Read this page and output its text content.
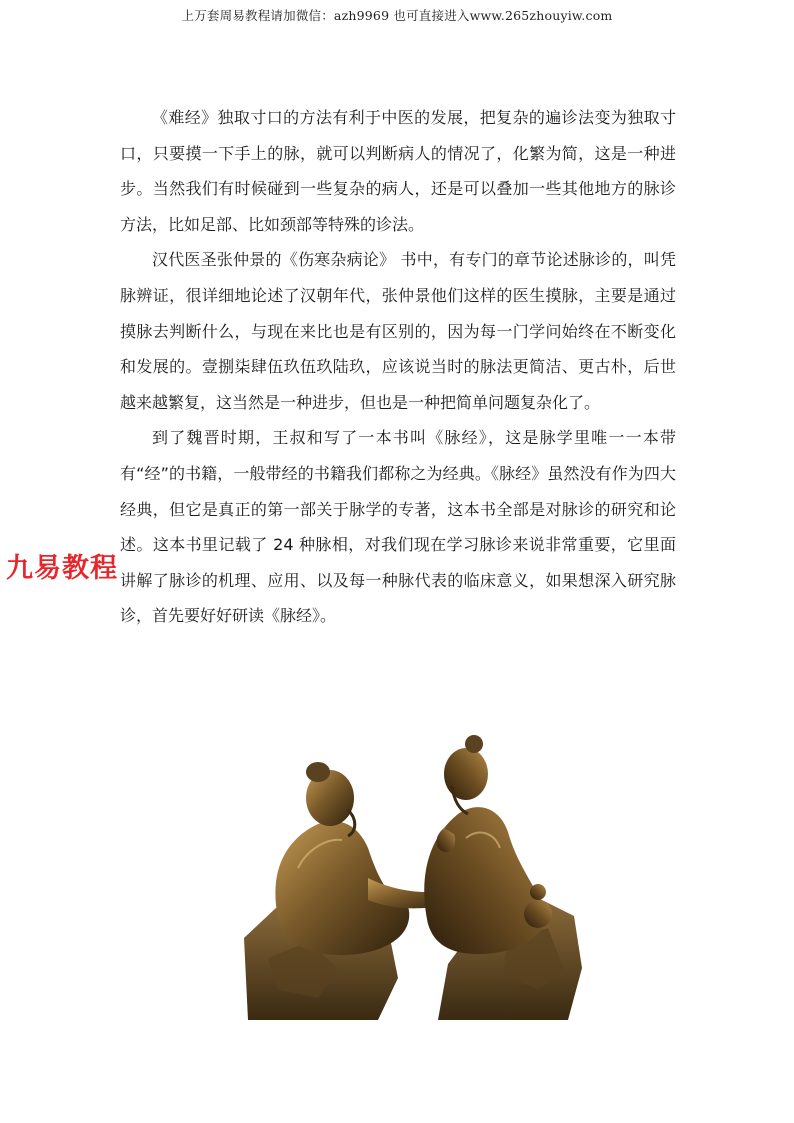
上万套周易教程请加微信：azh9969 也可直接进入www.265zhouyiw.com

《难经》独取寸口的方法有利于中医的发展，把复杂的遍诊法变为独取寸口，只要摸一下手上的脉，就可以判断病人的情况了，化繁为简，这是一种进步。当然我们有时候碰到一些复杂的病人，还是可以叠加一些其他地方的脉诊方法，比如足部、比如颈部等特殊的诊法。

汉代医圣张仲景的《伤寒杂病论》 书中，有专门的章节论述脉诊的，叫凭脉辨证，很详细地论述了汉朝年代，张仲景他们这样的医生摸脉，主要是通过摸脉去判断什么，与现在来比也是有区别的，因为每一门学问始终在不断变化和发展的。壹捌柒肆伍玖伍玖陆玖，应该说当时的脉法更简洁、更古朴，后世越来越繁复，这当然是一种进步，但也是一种把简单问题复杂化了。

到了魏晋时期，王叔和写了一本书叫《脉经》，这是脉学里唯一一本带有“经”的书籍，一般带经的书籍我们都称之为经典。《脉经》虽然没有作为四大经典，但它是真正的第一部关于脉学的专著，这本书全部是对脉诊的研究和论述。这本书里记载了 24 种脉相，对我们现在学习脉诊来说非常重要，它里面讲解了脉诊的机理、应用、以及每一种脉代表的临床意义，如果想深入研究脉诊，首先要好好研读《脉经》。

九易教程
